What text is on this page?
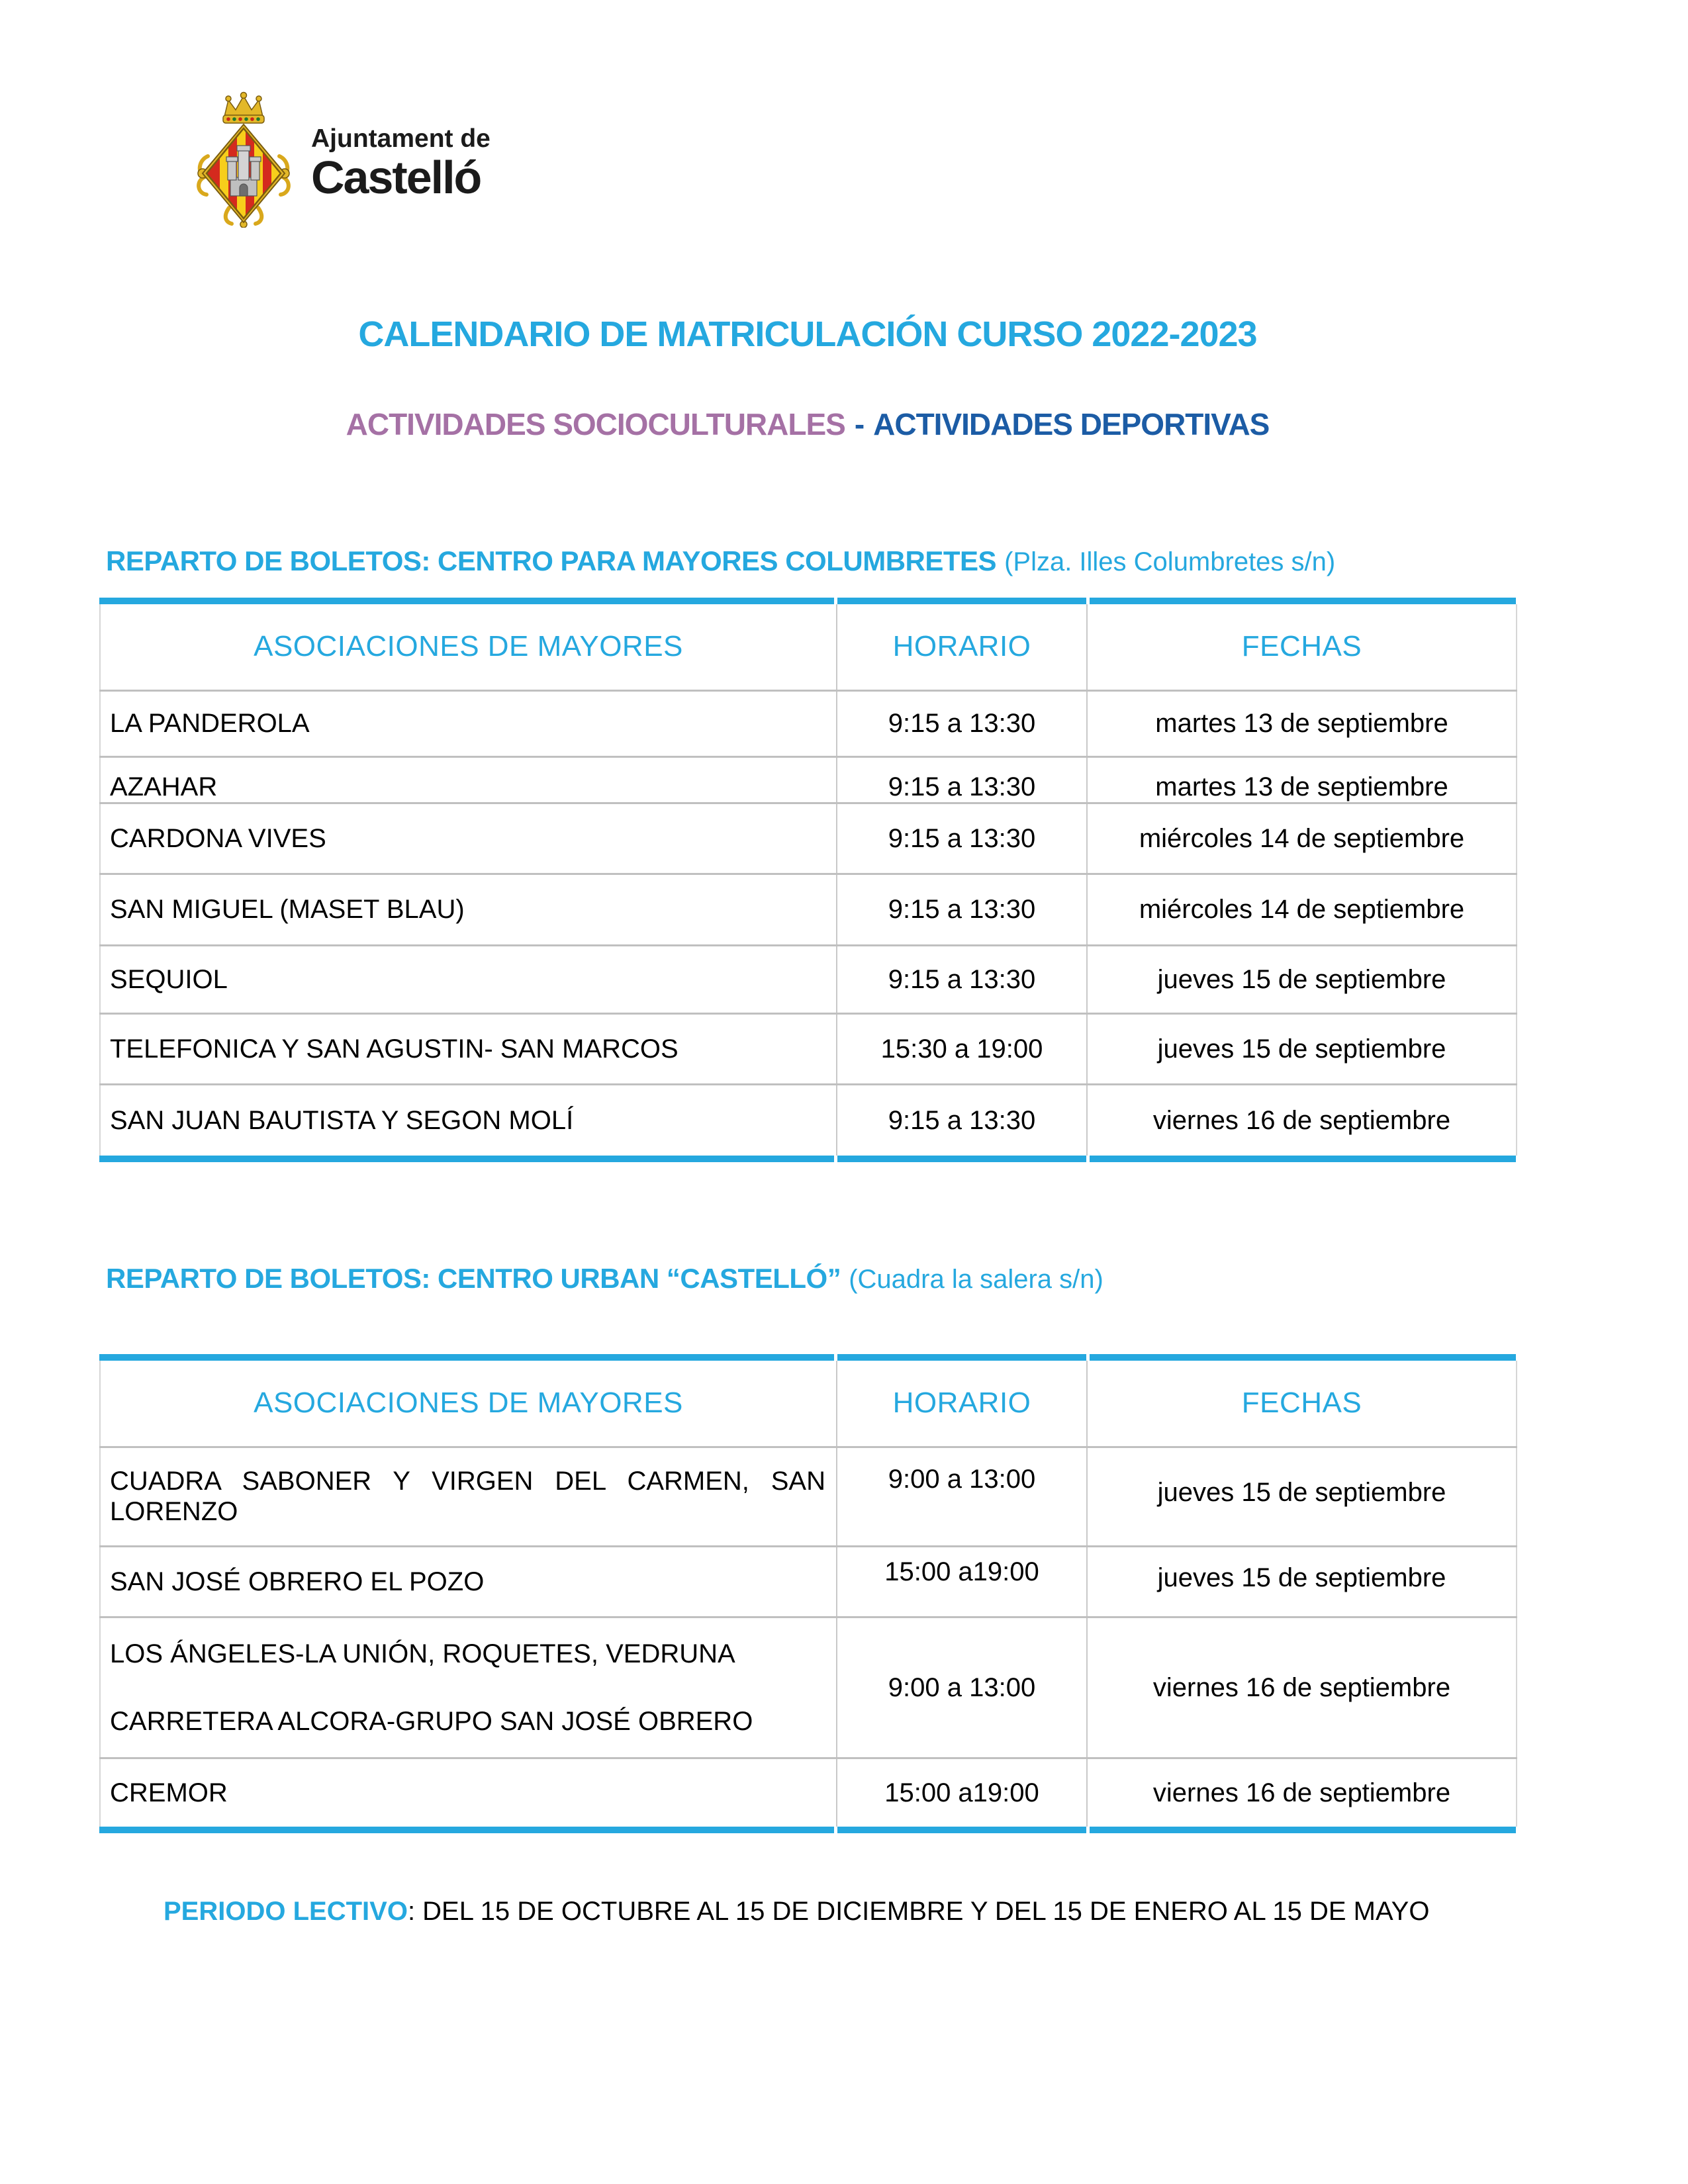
Ajuntament de
Castelló
CALENDARIO DE MATRICULACIÓN CURSO 2022-2023
ACTIVIDADES SOCIOCULTURALES - ACTIVIDADES DEPORTIVAS
REPARTO DE BOLETOS: CENTRO PARA MAYORES COLUMBRETES (Plza. Illes Columbretes s/n)
ASOCIACIONES DE MAYORES	HORARIO	FECHAS
LA PANDEROLA	9:15 a 13:30	martes 13 de septiembre
AZAHAR	9:15 a 13:30	martes 13 de septiembre
CARDONA VIVES	9:15 a 13:30	miércoles 14 de septiembre
SAN MIGUEL (MASET BLAU)	9:15 a 13:30	miércoles 14 de septiembre
SEQUIOL	9:15 a 13:30	jueves 15 de septiembre
TELEFONICA Y SAN AGUSTIN- SAN MARCOS	15:30 a 19:00	jueves 15 de septiembre
SAN JUAN BAUTISTA Y SEGON MOLÍ	9:15 a 13:30	viernes 16 de septiembre
REPARTO DE BOLETOS: CENTRO URBAN “CASTELLÓ” (Cuadra la salera s/n)
ASOCIACIONES DE MAYORES	HORARIO	FECHAS

CUADRA SABONER Y VIRGEN DEL CARMEN, SAN LORENZO	9:00 a 13:00	jueves 15 de septiembre
SAN JOSÉ OBRERO EL POZO	15:00 a19:00	jueves 15 de septiembre

LOS ÁNGELES-LA UNIÓN, ROQUETES, VEDRUNA
CARRETERA ALCORA-GRUPO SAN JOSÉ OBRERO	9:00 a 13:00	viernes 16 de septiembre
CREMOR	15:00 a19:00	viernes 16 de septiembre
PERIODO LECTIVO: DEL 15 DE OCTUBRE AL 15 DE DICIEMBRE Y DEL 15 DE ENERO AL 15 DE MAYO
